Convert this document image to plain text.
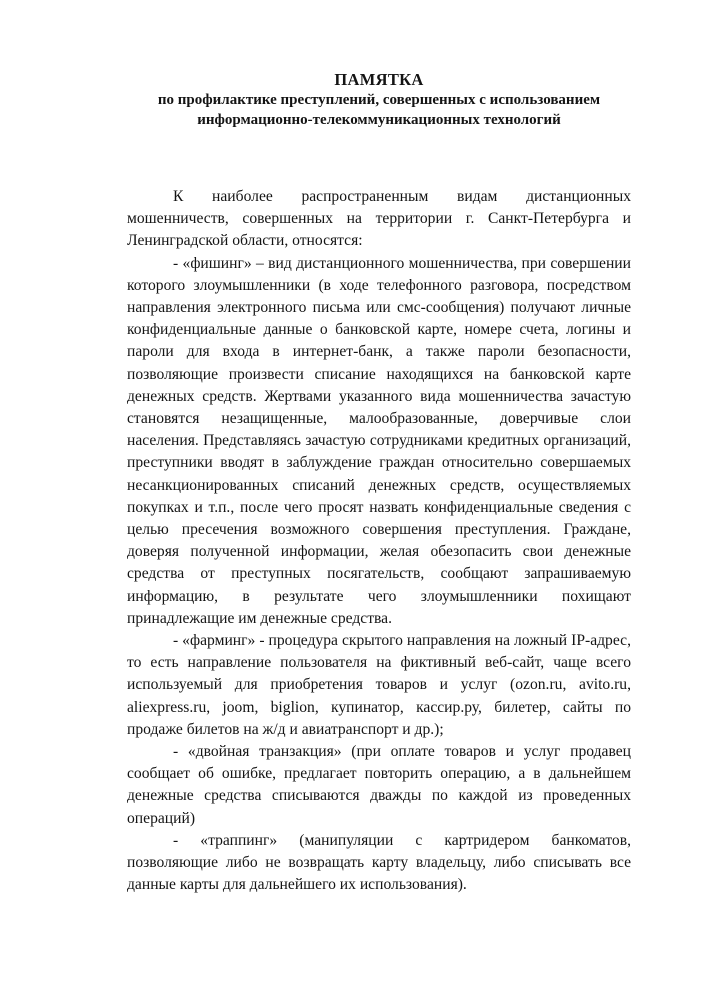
ПАМЯТКА

по профилактике преступлений, совершенных с использованием

информационно-телекоммуникационных технологий

К наиболее распространенным видам дистанционных мошенничеств, совершенных на территории г. Санкт-Петербурга и Ленинградской области, относятся:

- «фишинг» – вид дистанционного мошенничества, при совершении которого злоумышленники (в ходе телефонного разговора, посредством направления электронного письма или смс-сообщения) получают личные конфиденциальные данные о банковской карте, номере счета, логины и пароли для входа в интернет-банк, а также пароли безопасности, позволяющие произвести списание находящихся на банковской карте денежных средств. Жертвами указанного вида мошенничества зачастую становятся незащищенные, малообразованные, доверчивые слои населения. Представляясь зачастую сотрудниками кредитных организаций, преступники вводят в заблуждение граждан относительно совершаемых несанкционированных списаний денежных средств, осуществляемых покупках и т.п., после чего просят назвать конфиденциальные сведения с целью пресечения возможного совершения преступления. Граждане, доверяя полученной информации, желая обезопасить свои денежные средства от преступных посягательств, сообщают запрашиваемую информацию, в результате чего злоумышленники похищают принадлежащие им денежные средства.

- «фарминг» - процедура скрытого направления на ложный IP-адрес, то есть направление пользователя на фиктивный веб-сайт, чаще всего используемый для приобретения товаров и услуг (ozon.ru, avito.ru, aliexpress.ru, joom, biglion, купинатор, кассир.ру, билетер, сайты по продаже билетов на ж/д и авиатранспорт и др.);

- «двойная транзакция» (при оплате товаров и услуг продавец сообщает об ошибке, предлагает повторить операцию, а в дальнейшем денежные средства списываются дважды по каждой из проведенных операций)

- «траппинг» (манипуляции с картридером банкоматов, позволяющие либо не возвращать карту владельцу, либо списывать все данные карты для дальнейшего их использования).
